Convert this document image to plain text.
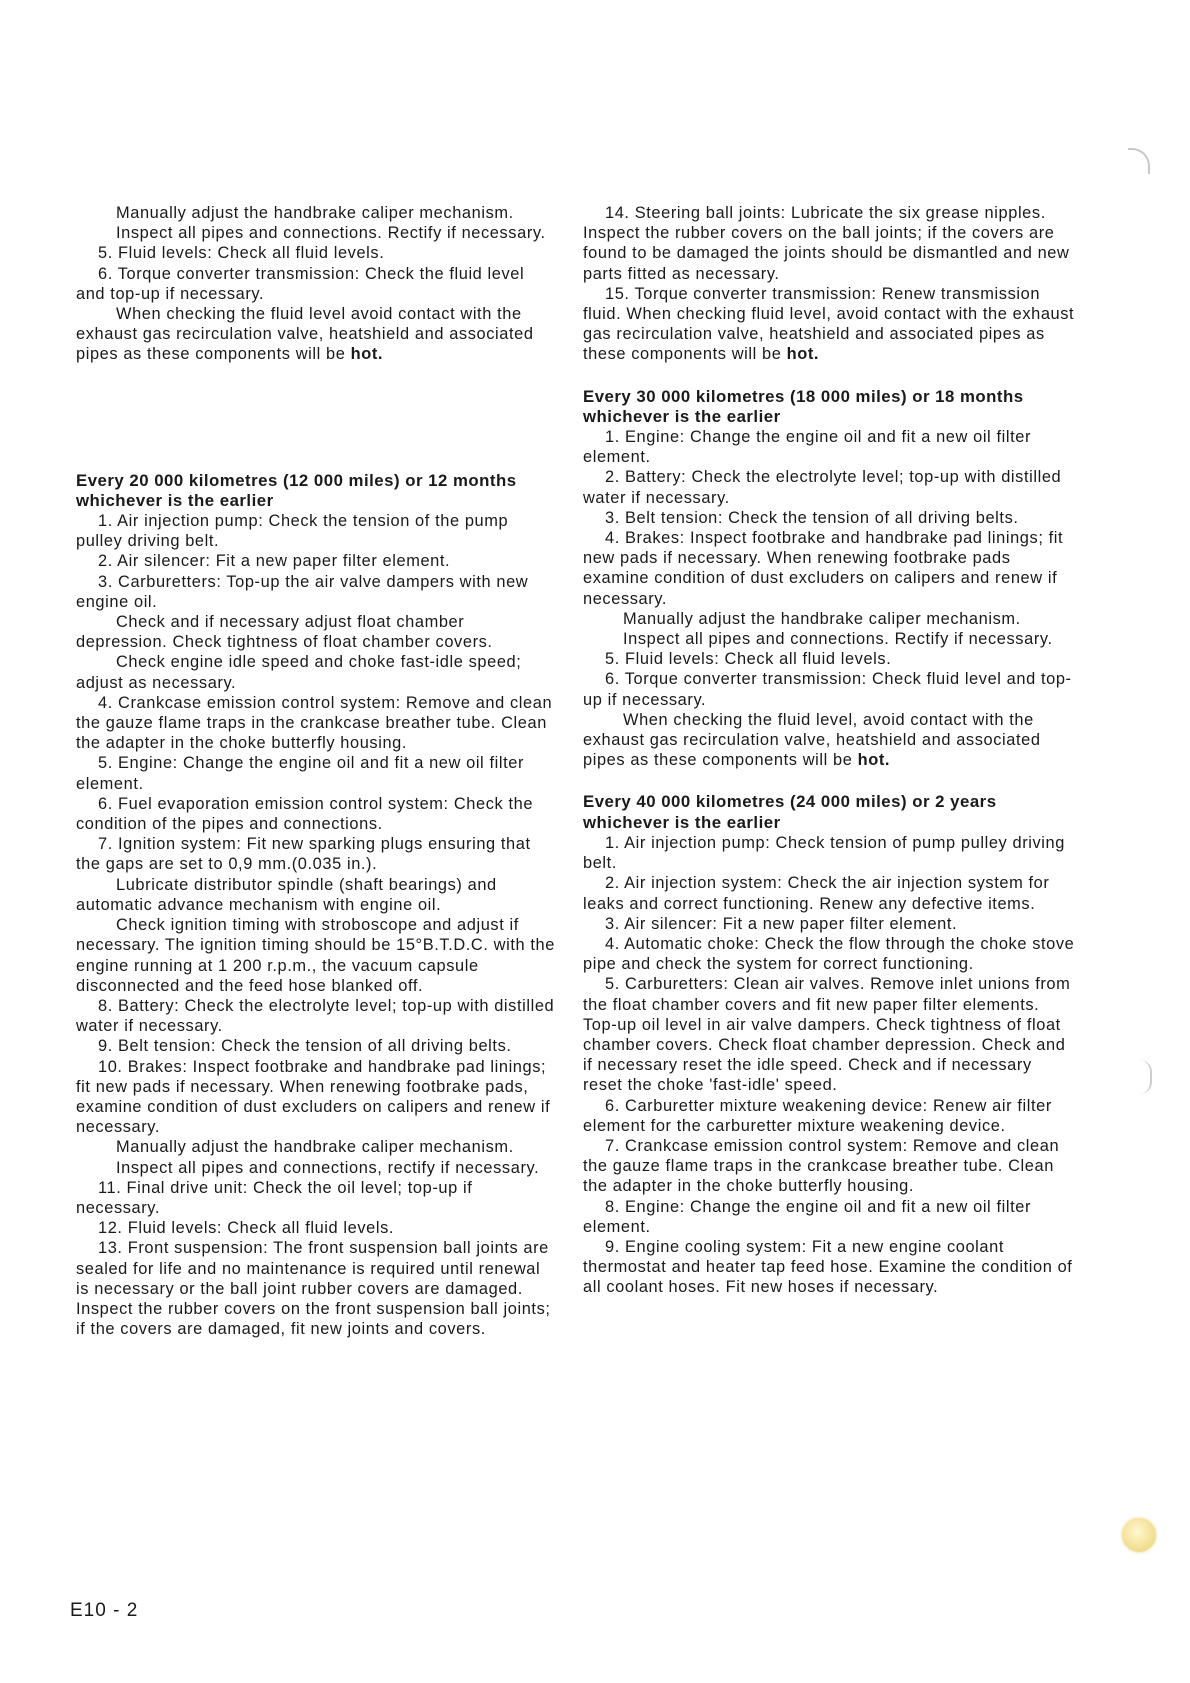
Manually adjust the handbrake caliper mechanism.

Inspect all pipes and connections. Rectify if necessary.

5. Fluid levels: Check all fluid levels.

6. Torque converter transmission: Check the fluid level and top-up if necessary.

When checking the fluid level avoid contact with the exhaust gas recirculation valve, heatshield and associated pipes as these components will be hot.

Every 20 000 kilometres (12 000 miles) or 12 months whichever is the earlier

1. Air injection pump: Check the tension of the pump pulley driving belt.

2. Air silencer: Fit a new paper filter element.

3. Carburetters: Top-up the air valve dampers with new engine oil.

Check and if necessary adjust float chamber depression. Check tightness of float chamber covers.

Check engine idle speed and choke fast-idle speed; adjust as necessary.

4. Crankcase emission control system: Remove and clean the gauze flame traps in the crankcase breather tube. Clean the adapter in the choke butterfly housing.

5. Engine: Change the engine oil and fit a new oil filter element.

6. Fuel evaporation emission control system: Check the condition of the pipes and connections.

7. Ignition system: Fit new sparking plugs ensuring that the gaps are set to 0,9 mm.(0.035 in.).

Lubricate distributor spindle (shaft bearings) and automatic advance mechanism with engine oil.

Check ignition timing with stroboscope and adjust if necessary. The ignition timing should be 15°B.T.D.C. with the engine running at 1 200 r.p.m., the vacuum capsule disconnected and the feed hose blanked off.

8. Battery: Check the electrolyte level; top-up with distilled water if necessary.

9. Belt tension: Check the tension of all driving belts.

10. Brakes: Inspect footbrake and handbrake pad linings; fit new pads if necessary. When renewing footbrake pads, examine condition of dust excluders on calipers and renew if necessary.

Manually adjust the handbrake caliper mechanism.

Inspect all pipes and connections, rectify if necessary.

11. Final drive unit: Check the oil level; top-up if necessary.

12. Fluid levels: Check all fluid levels.

13. Front suspension: The front suspension ball joints are sealed for life and no maintenance is required until renewal is necessary or the ball joint rubber covers are damaged. Inspect the rubber covers on the front suspension ball joints; if the covers are damaged, fit new joints and covers.

14. Steering ball joints: Lubricate the six grease nipples. Inspect the rubber covers on the ball joints; if the covers are found to be damaged the joints should be dismantled and new parts fitted as necessary.

15. Torque converter transmission: Renew transmission fluid. When checking fluid level, avoid contact with the exhaust gas recirculation valve, heatshield and associated pipes as these components will be hot.

Every 30 000 kilometres (18 000 miles) or 18 months whichever is the earlier

1. Engine: Change the engine oil and fit a new oil filter element.

2. Battery: Check the electrolyte level; top-up with distilled water if necessary.

3. Belt tension: Check the tension of all driving belts.

4. Brakes: Inspect footbrake and handbrake pad linings; fit new pads if necessary. When renewing footbrake pads examine condition of dust excluders on calipers and renew if necessary.

Manually adjust the handbrake caliper mechanism.

Inspect all pipes and connections. Rectify if necessary.

5. Fluid levels: Check all fluid levels.

6. Torque converter transmission: Check fluid level and top-up if necessary.

When checking the fluid level, avoid contact with the exhaust gas recirculation valve, heatshield and associated pipes as these components will be hot.

Every 40 000 kilometres (24 000 miles) or 2 years whichever is the earlier

1. Air injection pump: Check tension of pump pulley driving belt.

2. Air injection system: Check the air injection system for leaks and correct functioning. Renew any defective items.

3. Air silencer: Fit a new paper filter element.

4. Automatic choke: Check the flow through the choke stove pipe and check the system for correct functioning.

5. Carburetters: Clean air valves. Remove inlet unions from the float chamber covers and fit new paper filter elements. Top-up oil level in air valve dampers. Check tightness of float chamber covers. Check float chamber depression. Check and if necessary reset the idle speed. Check and if necessary reset the choke 'fast-idle' speed.

6. Carburetter mixture weakening device: Renew air filter element for the carburetter mixture weakening device.

7. Crankcase emission control system: Remove and clean the gauze flame traps in the crankcase breather tube. Clean the adapter in the choke butterfly housing.

8. Engine: Change the engine oil and fit a new oil filter element.

9. Engine cooling system: Fit a new engine coolant thermostat and heater tap feed hose. Examine the condition of all coolant hoses. Fit new hoses if necessary.

E10 - 2
